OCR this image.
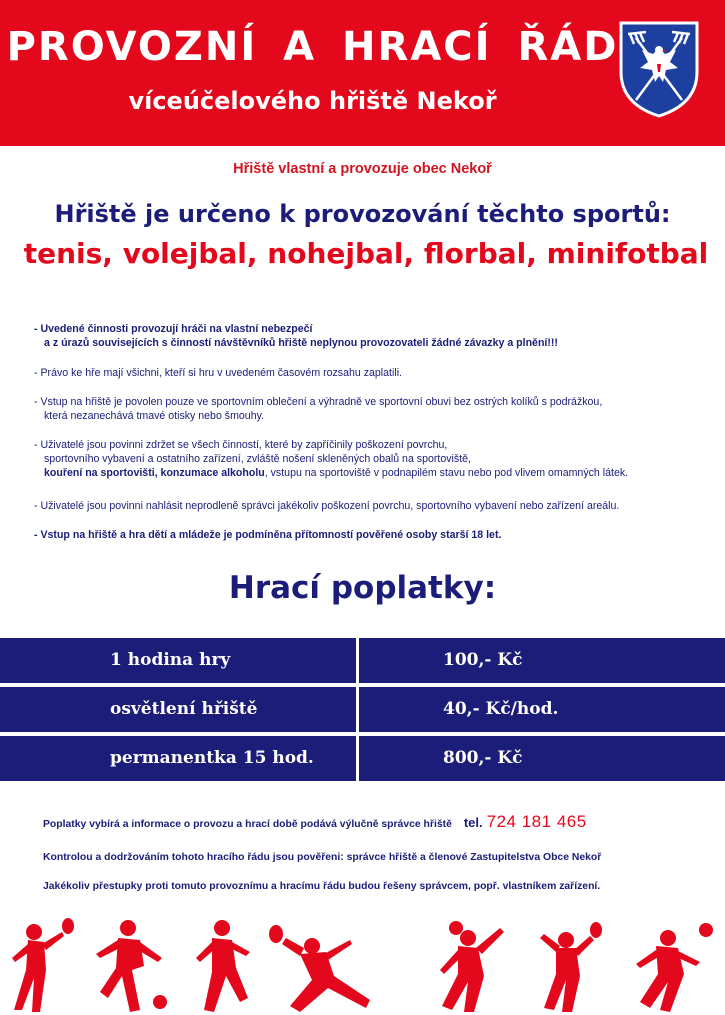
PROVOZNÍ A HRACÍ ŘÁD
víceúčelového hřiště Nekoř
Hřiště vlastní a provozuje obec Nekoř
Hřiště je určeno k provozování těchto sportů:
tenis, volejbal, nohejbal, florbal, minifotbal
- Uvedené činnosti provozují hráči na vlastní nebezpečí
a z úrazů souvisejících s činností návštěvníků hřiště neplynou provozovateli žádné závazky a plnění!!!
- Právo ke hře mají všichni, kteří si hru v uvedeném časovém rozsahu zaplatili.
- Vstup na hřiště je povolen pouze ve sportovním oblečení a výhradně ve sportovní obuvi bez ostrých kolíků s podrážkou,
která nezanechává tmavé otisky nebo šmouhy.
- Uživatelé jsou povinni zdržet se všech činností, které by zapříčinily poškození povrchu,
sportovního vybavení a ostatního zařízení, zvláště nošení skleněných obalů na sportoviště,
kouření na sportovišti, konzumace alkoholu, vstupu na sportoviště v podnapilém stavu nebo pod vlivem omamných látek.
- Uživatelé jsou povinni nahlásit neprodleně správci jakékoliv poškození povrchu, sportovního vybavení nebo zařízení areálu.
- Vstup na hřiště a hra dětí a mládeže je podmíněna přítomností pověřené osoby starší 18 let.
Hrací poplatky:
1 hodina hry	100,- Kč
osvětlení hřiště	40,- Kč/hod.
permanentka 15 hod.	800,- Kč
Poplatky vybírá a informace o provozu a hrací době podává výlučně správce hřiště tel. 724 181 465
Kontrolou a dodržováním tohoto hracího řádu jsou pověřeni: správce hřiště a členové Zastupitelstva Obce Nekoř
Jakékoliv přestupky proti tomuto provoznímu a hracímu řádu budou řešeny správcem, popř. vlastníkem zařízení.
